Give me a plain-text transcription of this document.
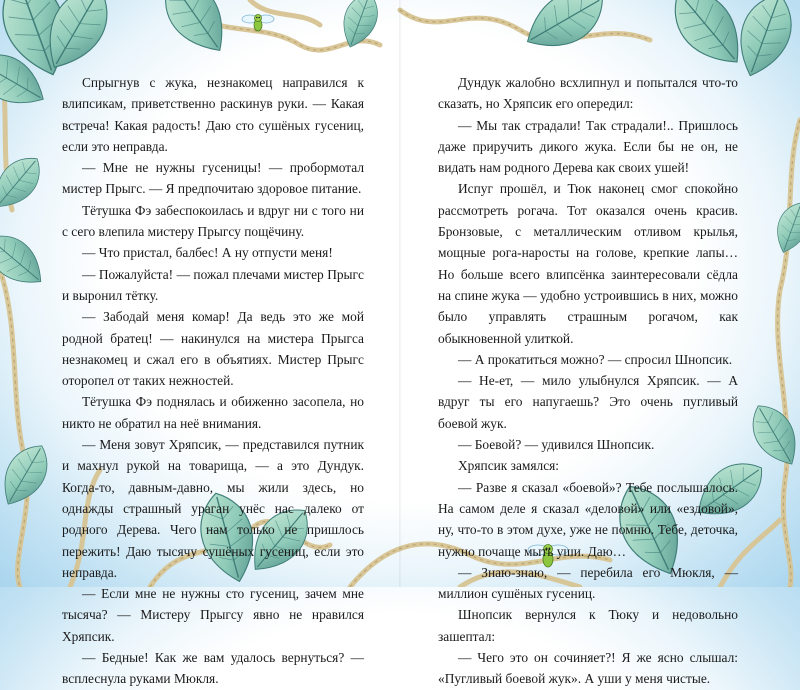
Спрыгнув с жука, незнакомец направился к влипсикам, приветственно раскинув руки. — Какая встреча! Какая радость! Даю сто сушёных гусениц, если это неправда.

— Мне не нужны гусеницы! — пробормотал мистер Прыгс. — Я предпочитаю здоровое питание.

Тётушка Фэ забеспокоилась и вдруг ни с того ни с сего влепила мистеру Прыгсу пощёчину.

— Что пристал, балбес! А ну отпусти меня!

— Пожалуйста! — пожал плечами мистер Прыгс и выронил тётку.

— Забодай меня комар! Да ведь это же мой родной братец! — накинулся на мистера Прыгса незнакомец и сжал его в объятиях. Мистер Прыгс оторопел от таких нежностей.

Тётушка Фэ поднялась и обиженно засопела, но никто не обратил на неё внимания.

— Меня зовут Хряпсик, — представился путник и махнул рукой на товарища, — а это Дундук. Когда-то, давным-давно, мы жили здесь, но однажды страшный ураган унёс нас далеко от родного Дерева. Чего нам только не пришлось пережить! Даю тысячу сушёных гусениц, если это неправда.

— Если мне не нужны сто гусениц, зачем мне тысяча? — Мистеру Прыгсу явно не нравился Хряпсик.

— Бедные! Как же вам удалось вернуться? — всплеснула руками Мюкля.

Дундук жалобно всхлипнул и попытался что-то сказать, но Хряпсик его опередил:

— Мы так страдали! Так страдали!.. Пришлось даже приручить дикого жука. Если бы не он, не видать нам родного Дерева как своих ушей!

Испуг прошёл, и Тюк наконец смог спокойно рассмотреть рогача. Тот оказался очень красив. Бронзовые, с металлическим отливом крылья, мощные рога-наросты на голове, крепкие лапы… Но больше всего влипсёнка заинтересовали сёдла на спине жука — удобно устроившись в них, можно было управлять страшным рогачом, как обыкновенной улиткой.

— А прокатиться можно? — спросил Шнопсик.

— Не-ет, — мило улыбнулся Хряпсик. — А вдруг ты его напугаешь? Это очень пугливый боевой жук.

— Боевой? — удивился Шнопсик.

Хряпсик замялся:

— Разве я сказал «боевой»? Тебе послышалось. На самом деле я сказал «деловой» или «ездовой», ну, что-то в этом духе, уже не помню. Тебе, деточка, нужно почаще мыть уши. Даю…

— Знаю-знаю, — перебила его Мюкля, — миллион сушёных гусениц.

Шнопсик вернулся к Тюку и недовольно зашептал:

— Чего это он сочиняет?! Я же ясно слышал: «Пугливый боевой жук». А уши у меня чистые.
